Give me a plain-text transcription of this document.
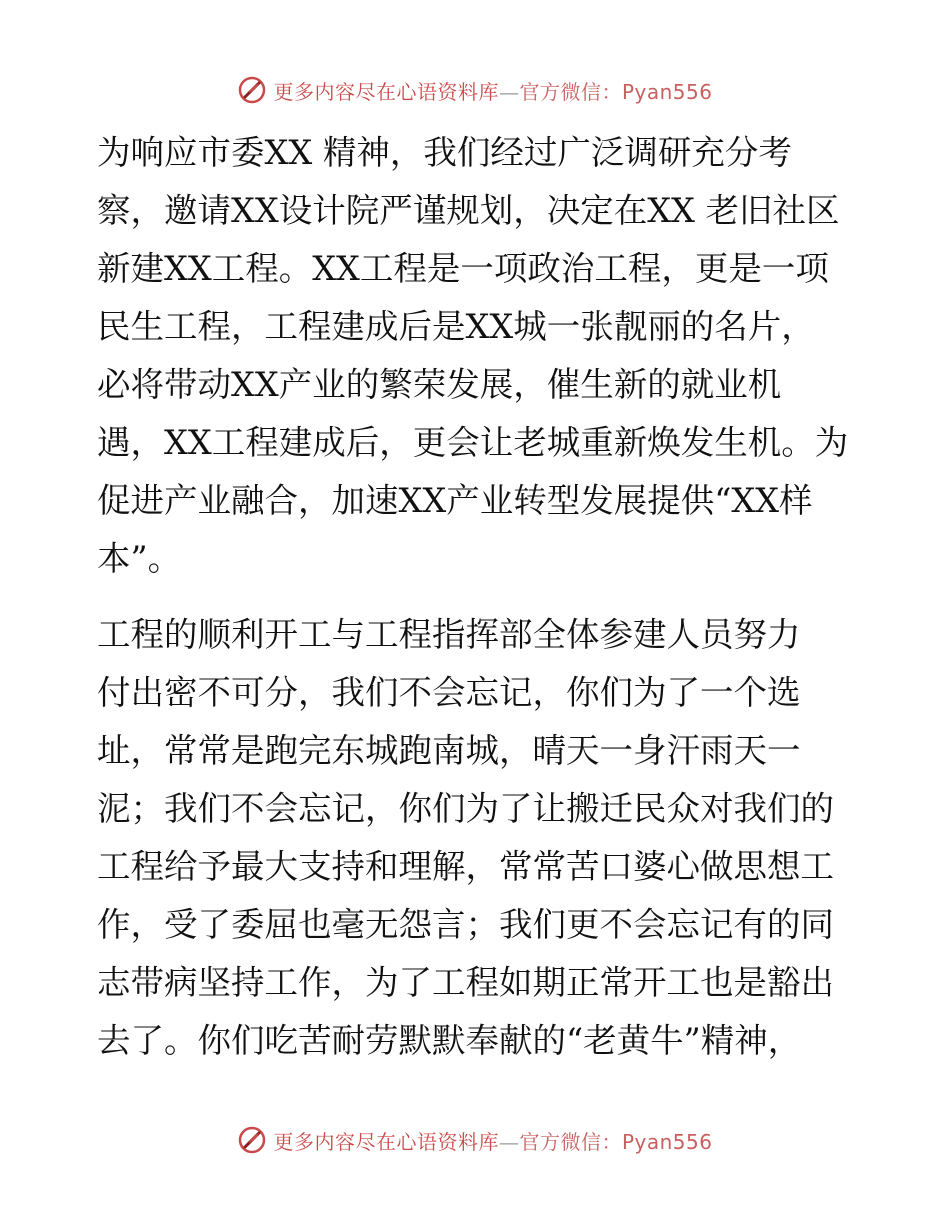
更多内容尽在心语资料库—官方微信：Pyan556
为响应市委XX 精神，我们经过广泛调研充分考
察，邀请XX设计院严谨规划，决定在XX 老旧社区
新建XX工程。XX工程是一项政治工程，更是一项
民生工程，工程建成后是XX城一张靓丽的名片，
必将带动XX产业的繁荣发展，催生新的就业机
遇，XX工程建成后，更会让老城重新焕发生机。为
促进产业融合，加速XX产业转型发展提供“XX样
本”。
工程的顺利开工与工程指挥部全体参建人员努力
付出密不可分，我们不会忘记，你们为了一个选
址，常常是跑完东城跑南城，晴天一身汗雨天一
泥；我们不会忘记，你们为了让搬迁民众对我们的
工程给予最大支持和理解，常常苦口婆心做思想工
作，受了委屈也毫无怨言；我们更不会忘记有的同
志带病坚持工作，为了工程如期正常开工也是豁出
去了。你们吃苦耐劳默默奉献的“老黄牛”精神，
更多内容尽在心语资料库—官方微信：Pyan556
